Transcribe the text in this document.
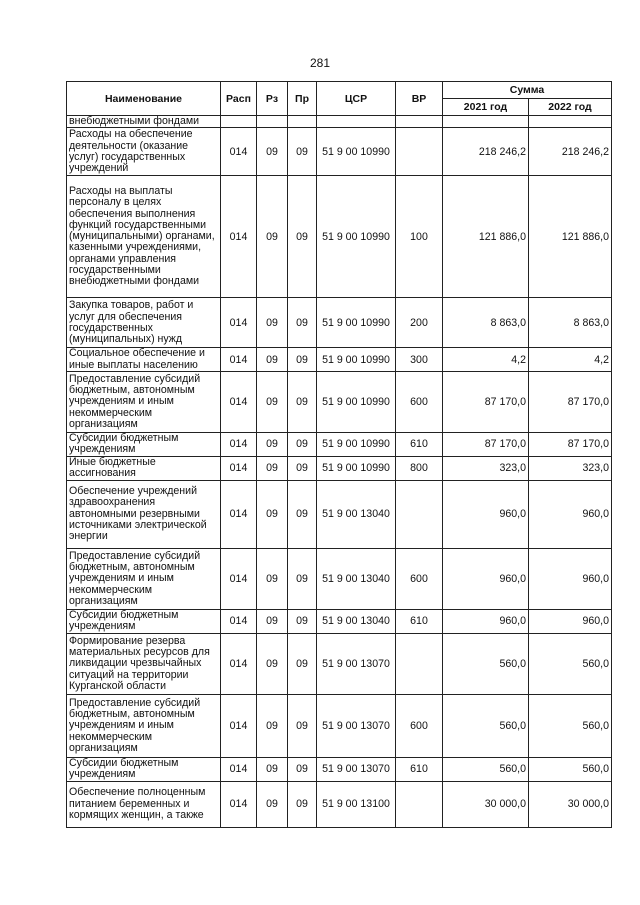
281
Наименование	Расп	Рз	Пр	ЦСР	ВР	Сумма	
						2021 год	2022 год
внебюджетными фондами							
Расходы на обеспечение деятельности (оказание услуг) государственных учреждений	014	09	09	51 9 00 10990		218 246,2	218 246,2
Расходы на выплаты персоналу в целях обеспечения выполнения функций государственными (муниципальными) органами, казенными учреждениями, органами управления государственными внебюджетными фондами	014	09	09	51 9 00 10990	100	121 886,0	121 886,0
Закупка товаров, работ и услуг для обеспечения государственных (муниципальных) нужд	014	09	09	51 9 00 10990	200	8 863,0	8 863,0
Социальное обеспечение и иные выплаты населению	014	09	09	51 9 00 10990	300	4,2	4,2
Предоставление субсидий бюджетным, автономным учреждениям и иным некоммерческим организациям	014	09	09	51 9 00 10990	600	87 170,0	87 170,0
Субсидии бюджетным учреждениям	014	09	09	51 9 00 10990	610	87 170,0	87 170,0
Иные бюджетные ассигнования	014	09	09	51 9 00 10990	800	323,0	323,0
Обеспечение учреждений здравоохранения автономными резервными источниками электрической энергии	014	09	09	51 9 00 13040		960,0	960,0
Предоставление субсидий бюджетным, автономным учреждениям и иным некоммерческим организациям	014	09	09	51 9 00 13040	600	960,0	960,0
Субсидии бюджетным учреждениям	014	09	09	51 9 00 13040	610	960,0	960,0
Формирование резерва материальных ресурсов для ликвидации чрезвычайных ситуаций на территории Курганской области	014	09	09	51 9 00 13070		560,0	560,0
Предоставление субсидий бюджетным, автономным учреждениям и иным некоммерческим организациям	014	09	09	51 9 00 13070	600	560,0	560,0
Субсидии бюджетным учреждениям	014	09	09	51 9 00 13070	610	560,0	560,0
Обеспечение полноценным питанием беременных и кормящих женщин, а также	014	09	09	51 9 00 13100		30 000,0	30 000,0
